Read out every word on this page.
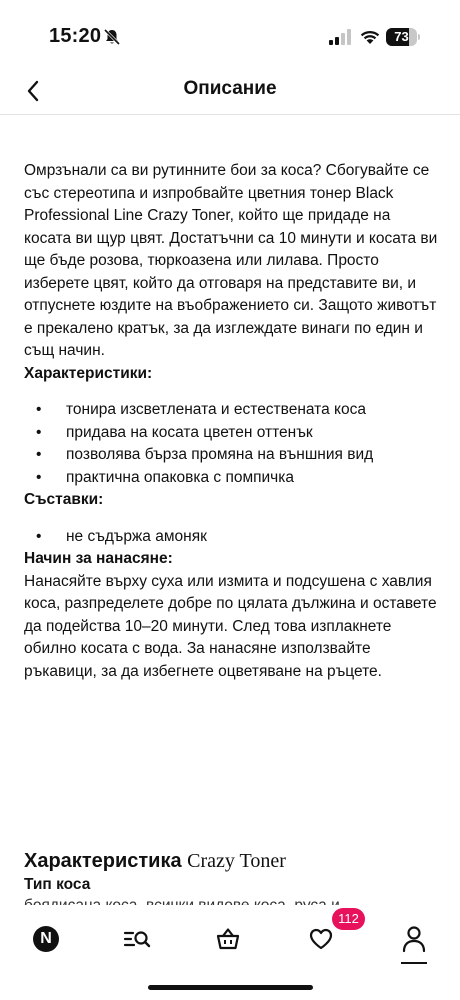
15:20	73
Описание

Омрзънали са ви рутинните бои за коса? Сбогувайте се със стереотипа и изпробвайте цветния тонер Black Professional Line Crazy Toner, който ще придаде на косата ви щур цвят. Достатъчни са 10 минути и косата ви ще бъде розова, тюркоазена или лилава. Просто изберете цвят, който да отговаря на представите ви, и отпуснете юздите на въображението си. Защото животът е прекалено кратък, за да изглеждате винаги по един и същ начин.

Характеристики:

• тонира изсветлената и естествената коса
• придава на косата цветен оттенък
• позволява бърза промяна на външния вид
• практична опаковка с помпичка

Съставки:

• не съдържа амоняк

Начин за нанасяне:

Нанасяйте върху суха или измита и подсушена с хавлия коса, разпределете добре по цялата дължина и оставете да подейства 10–20 минути. След това изплакнете обилно косата с вода. За нанасяне използвайте ръкавици, за да избегнете оцветяване на ръцете.

Характеристика Crazy Toner
Тип коса
N
112
